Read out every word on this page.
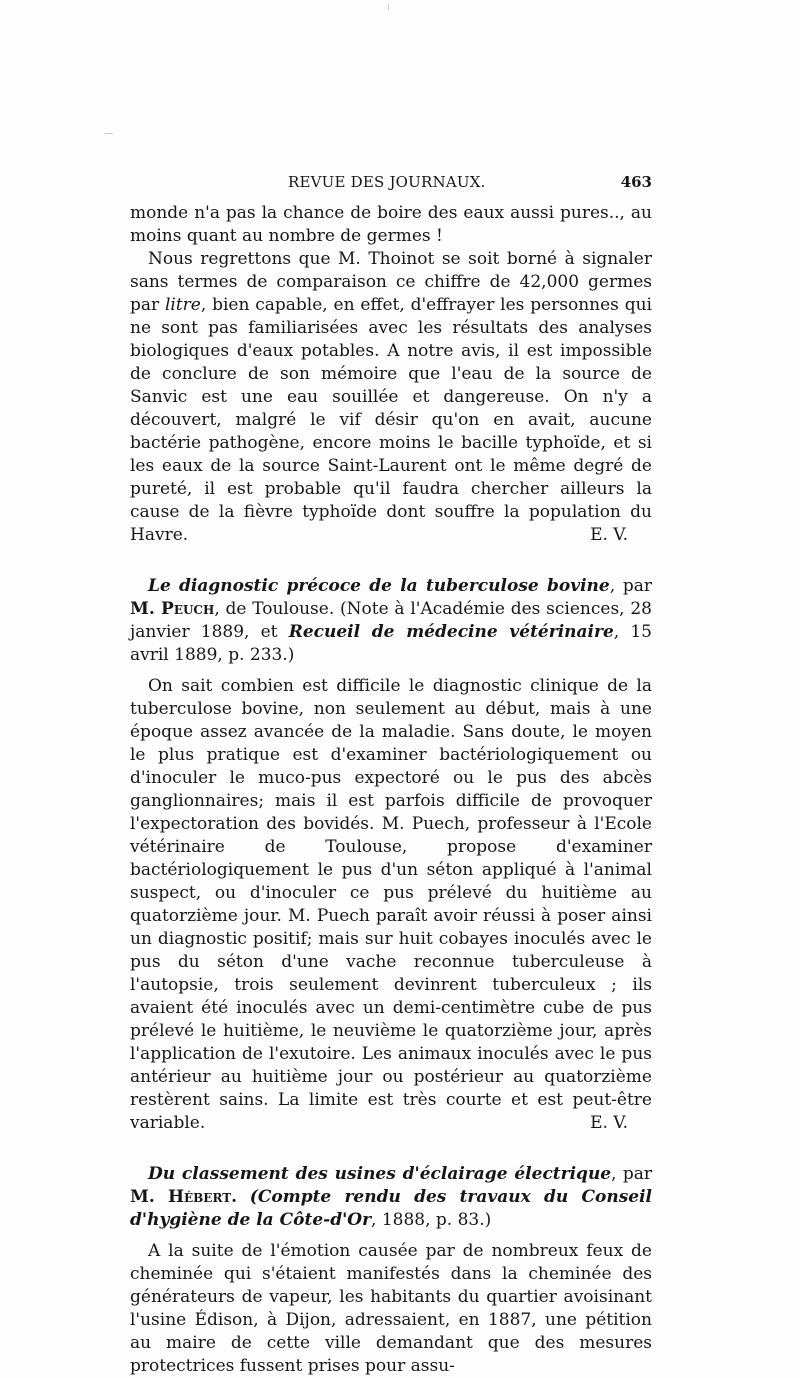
REVUE DES JOURNAUX.	463

monde n'a pas la chance de boire des eaux aussi pures.., au moins quant au nombre de germes !

Nous regrettons que M. Thoinot se soit borné à signaler sans termes de comparaison ce chiffre de 42,000 germes par litre, bien capable, en effet, d'effrayer les personnes qui ne sont pas familiarisées avec les résultats des analyses biologiques d'eaux potables. A notre avis, il est impossible de conclure de son mémoire que l'eau de la source de Sanvic est une eau souillée et dangereuse. On n'y a découvert, malgré le vif désir qu'on en avait, aucune bactérie pathogène, encore moins le bacille typhoïde, et si les eaux de la source Saint-Laurent ont le même degré de pureté, il est probable qu'il faudra chercher ailleurs la cause de la fièvre typhoïde dont souffre la population du Havre.	E. V.

Le diagnostic précoce de la tuberculose bovine, par M. Peuch, de Toulouse. (Note à l'Académie des sciences, 28 janvier 1889, et Recueil de médecine vétérinaire, 15 avril 1889, p. 233.)

On sait combien est difficile le diagnostic clinique de la tuberculose bovine, non seulement au début, mais à une époque assez avancée de la maladie. Sans doute, le moyen le plus pratique est d'examiner bactériologiquement ou d'inoculer le muco-pus expectoré ou le pus des abcès ganglionnaires; mais il est parfois difficile de provoquer l'expectoration des bovidés. M. Puech, professeur à l'Ecole vétérinaire de Toulouse, propose d'examiner bactériologiquement le pus d'un séton appliqué à l'animal suspect, ou d'inoculer ce pus prélevé du huitième au quatorzième jour. M. Puech paraît avoir réussi à poser ainsi un diagnostic positif; mais sur huit cobayes inoculés avec le pus du séton d'une vache reconnue tuberculeuse à l'autopsie, trois seulement devinrent tuberculeux ; ils avaient été inoculés avec un demi-centimètre cube de pus prélevé le huitième, le neuvième le quatorzième jour, après l'application de l'exutoire. Les animaux inoculés avec le pus antérieur au huitième jour ou postérieur au quatorzième restèrent sains. La limite est très courte et est peut-être variable.	E. V.

Du classement des usines d'éclairage électrique, par M. Hébert. (Compte rendu des travaux du Conseil d'hygiène de la Côte-d'Or, 1888, p. 83.)

A la suite de l'émotion causée par de nombreux feux de cheminée qui s'étaient manifestés dans la cheminée des générateurs de vapeur, les habitants du quartier avoisinant l'usine Édison, à Dijon, adressaient, en 1887, une pétition au maire de cette ville demandant que des mesures protectrices fussent prises pour assu-
